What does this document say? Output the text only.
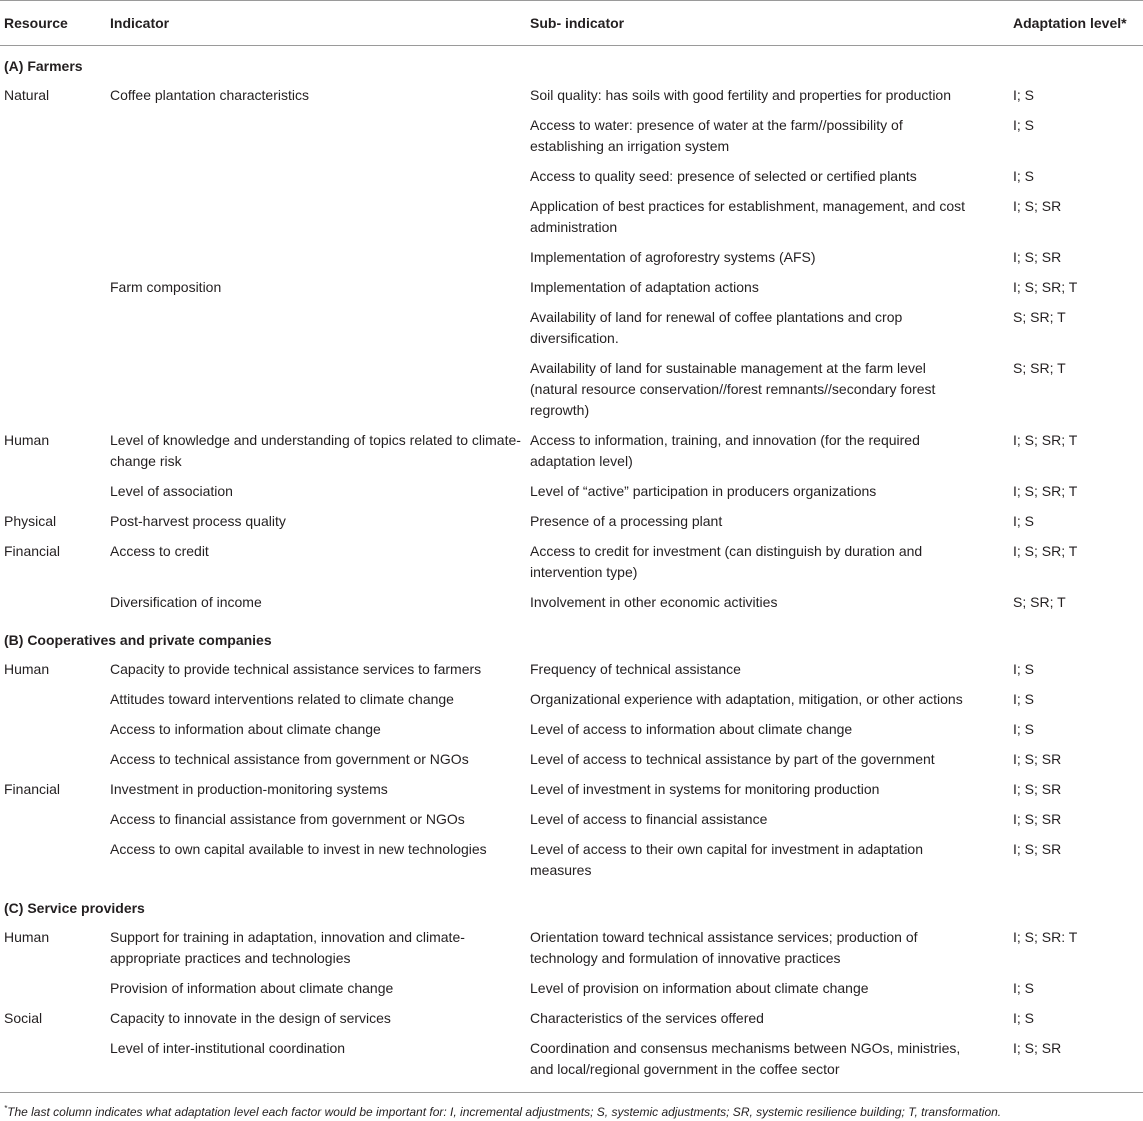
Resource	Indicator	Sub- indicator	Adaptation level*
(A) Farmers			
Natural	Coffee plantation characteristics	Soil quality: has soils with good fertility and properties for production	I; S
		Access to water: presence of water at the farm//possibility of establishing an irrigation system	I; S
		Access to quality seed: presence of selected or certified plants	I; S
		Application of best practices for establishment, management, and cost administration	I; S; SR
		Implementation of agroforestry systems (AFS)	I; S; SR
	Farm composition	Implementation of adaptation actions	I; S; SR; T
		Availability of land for renewal of coffee plantations and crop diversification.	S; SR; T
		Availability of land for sustainable management at the farm level (natural resource conservation//forest remnants//secondary forest regrowth)	S; SR; T
Human	Level of knowledge and understanding of topics related to climate-change risk	Access to information, training, and innovation (for the required adaptation level)	I; S; SR; T
	Level of association	Level of “active” participation in producers organizations	I; S; SR; T
Physical	Post-harvest process quality	Presence of a processing plant	I; S
Financial	Access to credit	Access to credit for investment (can distinguish by duration and intervention type)	I; S; SR; T
	Diversification of income	Involvement in other economic activities	S; SR; T
(B) Cooperatives and private companies			
Human	Capacity to provide technical assistance services to farmers	Frequency of technical assistance	I; S
	Attitudes toward interventions related to climate change	Organizational experience with adaptation, mitigation, or other actions	I; S
	Access to information about climate change	Level of access to information about climate change	I; S
	Access to technical assistance from government or NGOs	Level of access to technical assistance by part of the government	I; S; SR
Financial	Investment in production-monitoring systems	Level of investment in systems for monitoring production	I; S; SR
	Access to financial assistance from government or NGOs	Level of access to financial assistance	I; S; SR
	Access to own capital available to invest in new technologies	Level of access to their own capital for investment in adaptation measures	I; S; SR
(C) Service providers			
Human	Support for training in adaptation, innovation and climate-appropriate practices and technologies	Orientation toward technical assistance services; production of technology and formulation of innovative practices	I; S; SR: T
	Provision of information about climate change	Level of provision on information about climate change	I; S
Social	Capacity to innovate in the design of services	Characteristics of the services offered	I; S
	Level of inter-institutional coordination	Coordination and consensus mechanisms between NGOs, ministries, and local/regional government in the coffee sector	I; S; SR
*The last column indicates what adaptation level each factor would be important for: I, incremental adjustments; S, systemic adjustments; SR, systemic resilience building; T, transformation.
